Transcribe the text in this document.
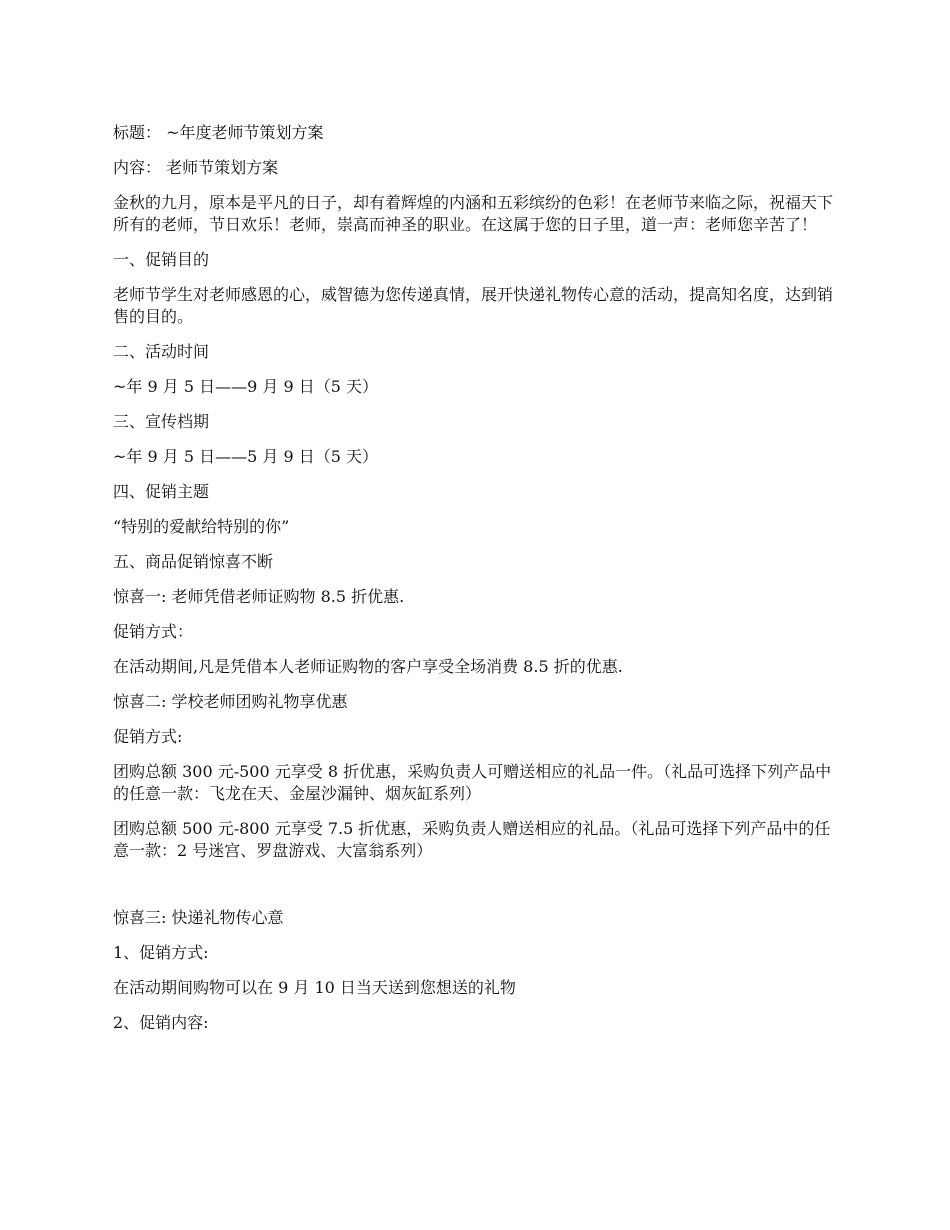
标题： ~年度老师节策划方案

内容： 老师节策划方案

金秋的九月，原本是平凡的日子，却有着辉煌的内涵和五彩缤纷的色彩！在老师节来临之际，祝福天下所有的老师，节日欢乐！老师，崇高而神圣的职业。在这属于您的日子里，道一声：老师您辛苦了！

一、促销目的

老师节学生对老师感恩的心，威智德为您传递真情，展开快递礼物传心意的活动，提高知名度，达到销售的目的。

二、活动时间

~年 9 月 5 日——9 月 9 日（5 天）

三、宣传档期

~年 9 月 5 日——5 月 9 日（5 天）

四、促销主题

“特别的爱献给特别的你”

五、商品促销惊喜不断

惊喜一: 老师凭借老师证购物 8.5 折优惠.

促销方式：

在活动期间,凡是凭借本人老师证购物的客户享受全场消费 8.5 折的优惠.

惊喜二: 学校老师团购礼物享优惠

促销方式:

团购总额 300 元-500 元享受 8 折优惠，采购负责人可赠送相应的礼品一件。（礼品可选择下列产品中的任意一款：飞龙在天、金屋沙漏钟、烟灰缸系列）

团购总额 500 元-800 元享受 7.5 折优惠，采购负责人赠送相应的礼品。（礼品可选择下列产品中的任意一款：2 号迷宫、罗盘游戏、大富翁系列）

惊喜三: 快递礼物传心意

1、促销方式:

在活动期间购物可以在 9 月 10 日当天送到您想送的礼物

2、促销内容:
